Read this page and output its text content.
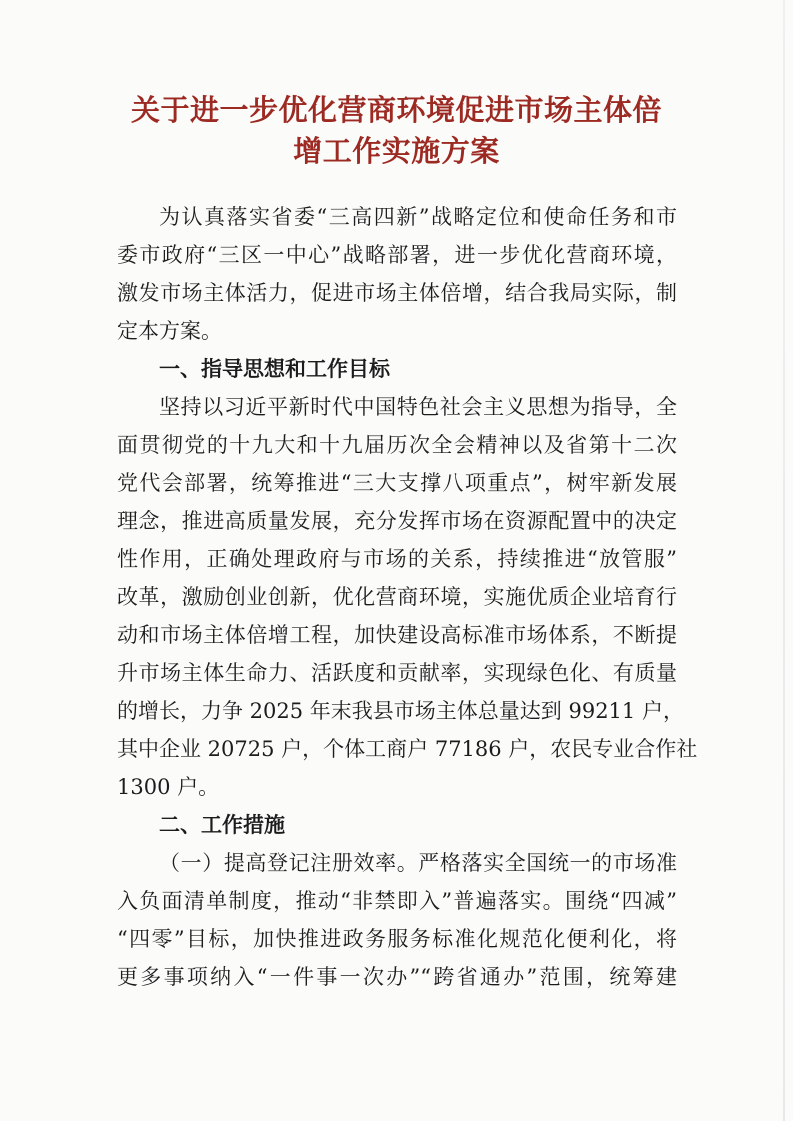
关于进一步优化营商环境促进市场主体倍
增工作实施方案
为认真落实省委“三高四新”战略定位和使命任务和市
委市政府“三区一中心”战略部署，进一步优化营商环境，
激发市场主体活力，促进市场主体倍增，结合我局实际，制
定本方案。
一、指导思想和工作目标
坚持以习近平新时代中国特色社会主义思想为指导，全
面贯彻党的十九大和十九届历次全会精神以及省第十二次
党代会部署，统筹推进“三大支撑八项重点”，树牢新发展
理念，推进高质量发展，充分发挥市场在资源配置中的决定
性作用，正确处理政府与市场的关系，持续推进“放管服”
改革，激励创业创新，优化营商环境，实施优质企业培育行
动和市场主体倍增工程，加快建设高标准市场体系，不断提
升市场主体生命力、活跃度和贡献率，实现绿色化、有质量
的增长，力争 2025 年末我县市场主体总量达到 99211 户，
其中企业 20725 户，个体工商户 77186 户，农民专业合作社
1300 户。
二、工作措施
（一）提高登记注册效率。严格落实全国统一的市场准
入负面清单制度，推动“非禁即入”普遍落实。围绕“四减”
“四零”目标，加快推进政务服务标准化规范化便利化，将
更多事项纳入“一件事一次办”“跨省通办”范围，统筹建
